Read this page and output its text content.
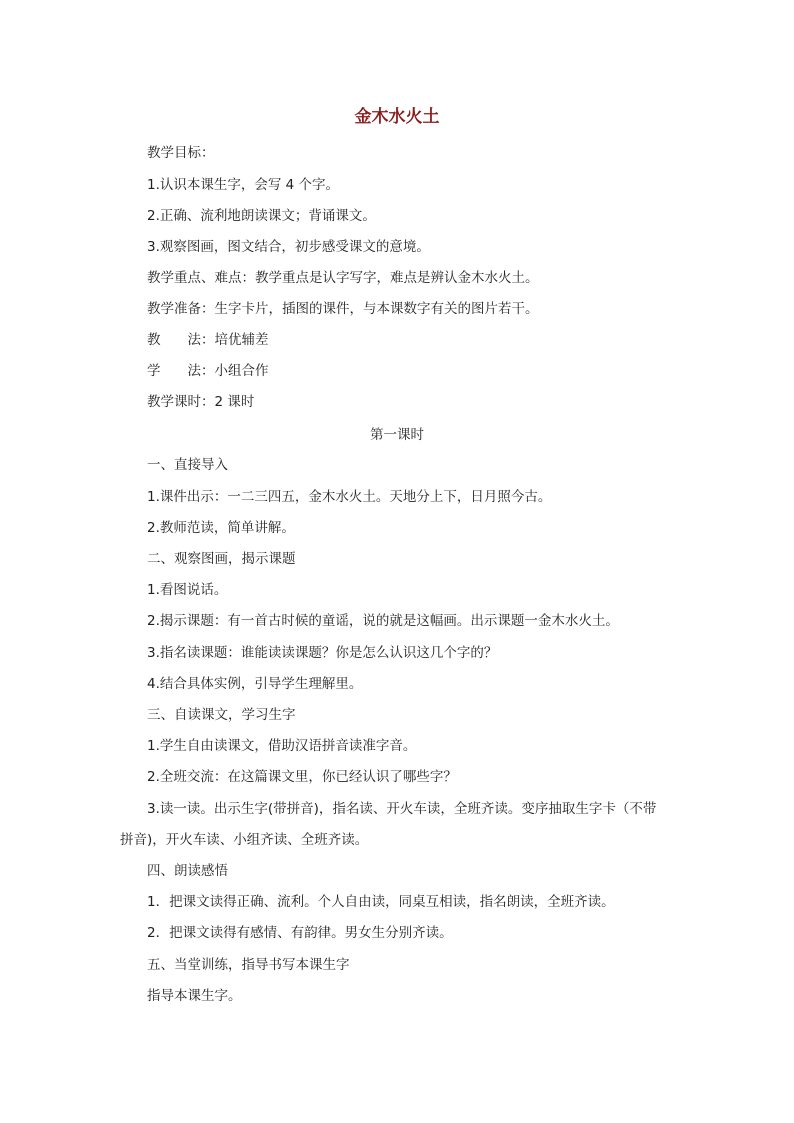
金木水火土

教学目标：

1.认识本课生字，会写 4 个字。

2.正确、流利地朗读课文；背诵课文。

3.观察图画，图文结合，初步感受课文的意境。

教学重点、难点：教学重点是认字写字，难点是辨认金木水火土。

教学准备：生字卡片，插图的课件，与本课数字有关的图片若干。

教　　法：培优辅差

学　　法：小组合作

教学课时：2 课时

第一课时

一、直接导入

1.课件出示：一二三四五，金木水火土。天地分上下，日月照今古。

2.教师范读，简单讲解。

二、观察图画，揭示课题

1.看图说话。

2.揭示课题：有一首古时候的童谣，说的就是这幅画。出示课题一金木水火土。

3.指名读课题：谁能读读课题？你是怎么认识这几个字的？

4.结合具体实例，引导学生理解里。

三、自读课文，学习生字

1.学生自由读课文，借助汉语拼音读准字音。

2.全班交流：在这篇课文里，你已经认识了哪些字？

3.读一读。出示生字(带拼音)，指名读、开火车读，全班齐读。变序抽取生字卡（不带

拼音)，开火车读、小组齐读、全班齐读。

四、朗读感悟

1．把课文读得正确、流利。个人自由读，同桌互相读，指名朗读，全班齐读。

2．把课文读得有感情、有韵律。男女生分别齐读。

五、当堂训练，指导书写本课生字

指导本课生字。
